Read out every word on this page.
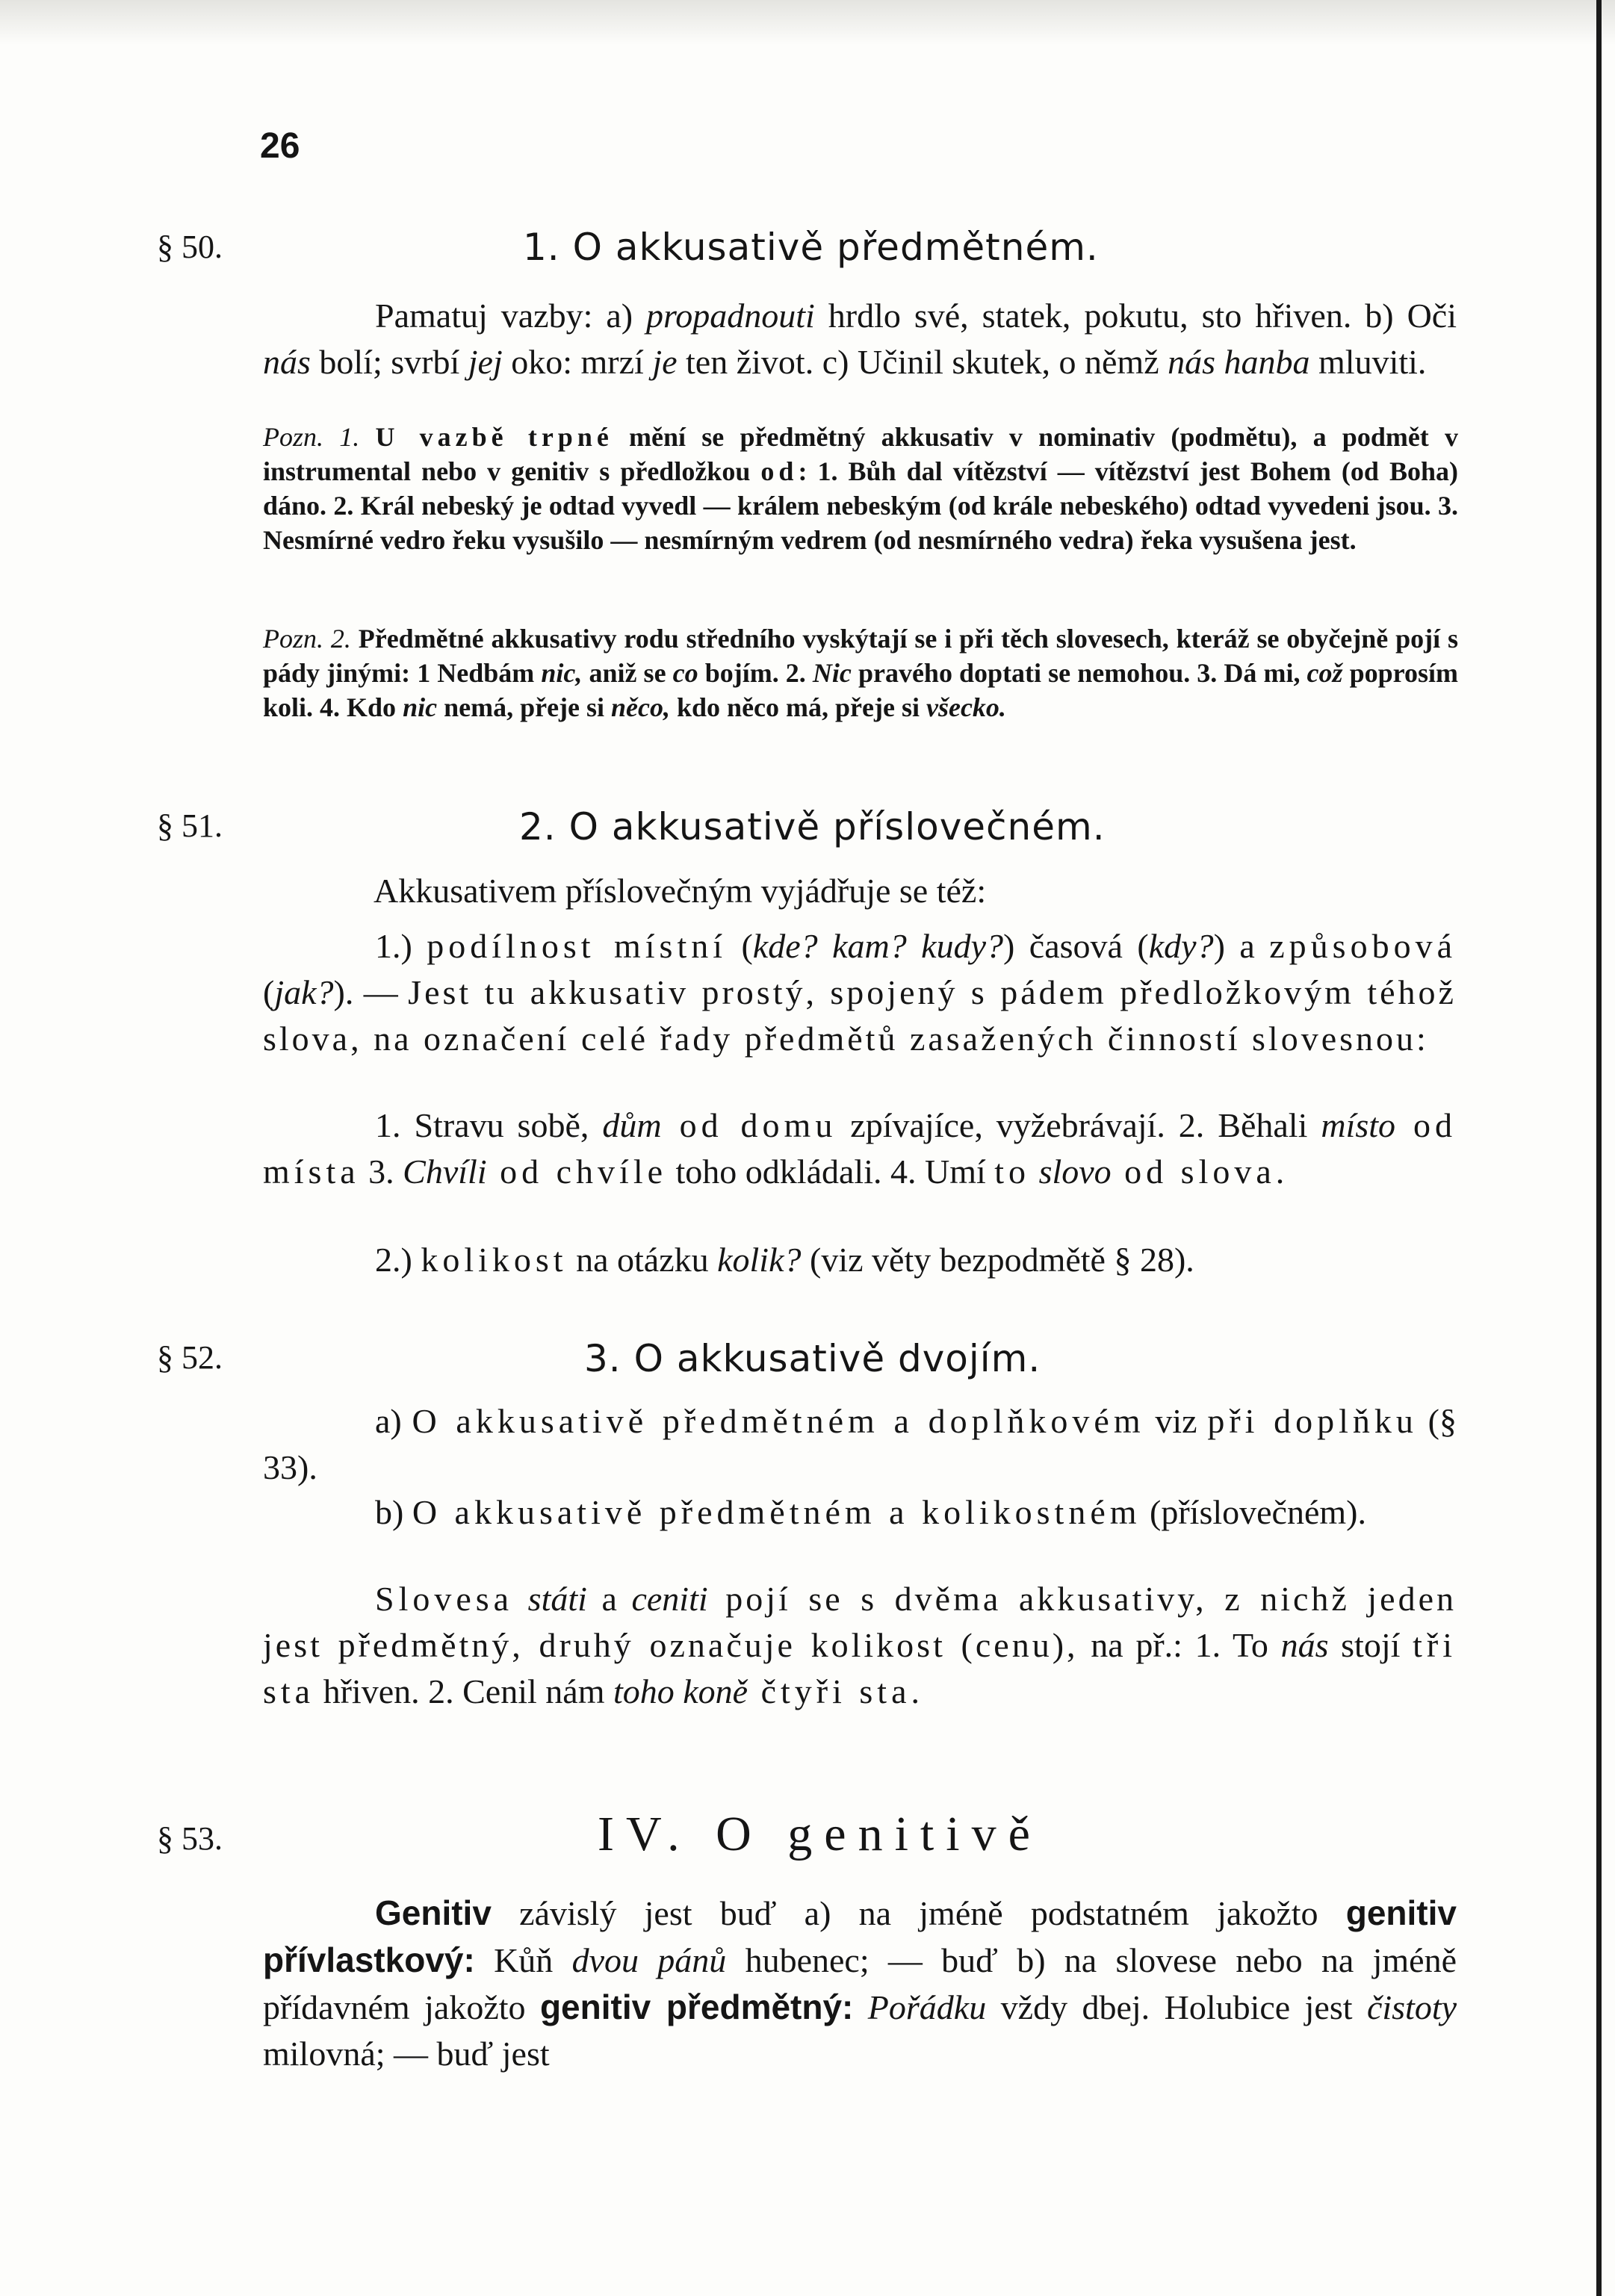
26
§ 50.	1. O akkusativě předmětném.

Pamatuj vazby: a) propadnouti hrdlo své, statek, pokutu, sto hřiven. b) Oči nás bolí; svrbí jej oko: mrzí je ten život. c) Učinil skutek, o němž nás hanba mluviti.

Pozn. 1. U vazbě trpné mění se předmětný akkusativ v nominativ (podmětu), a podmět v instrumental nebo v genitiv s předložkou od: 1. Bůh dal vítězství — vítězství jest Bohem (od Boha) dáno. 2. Král nebeský je odtad vyvedl — králem nebeským (od krále nebeského) odtad vyvedeni jsou. 3. Nesmírné vedro řeku vysušilo — nesmírným vedrem (od nesmírného vedra) řeka vysušena jest.

Pozn. 2. Předmětné akkusativy rodu středního vyskýtají se i při těch slovesech, kteráž se obyčejně pojí s pády jinými: 1 Nedbám nic, aniž se co bojím. 2. Nic pravého doptati se nemohou. 3. Dá mi, což poprosím koli. 4. Kdo nic nemá, přeje si něco, kdo něco má, přeje si všecko.

§ 51.	2. O akkusativě příslovečném.

Akkusativem příslovečným vyjádřuje se též:

1.) podílnost místní (kde? kam? kudy?) časová (kdy?) a způsobová (jak?). — Jest tu akkusativ prostý, spojený s pádem předložkovým téhož slova, na označení celé řady předmětů zasažených činností slovesnou:

1. Stravu sobě, dům od domu zpívajíce, vyžebrávají. 2. Běhali místo od místa 3. Chvíli od chvíle toho odkládali. 4. Umí to slovo od slova.

2.) kolikost na otázku kolik? (viz věty bezpodmětě § 28).

§ 52.	3. O akkusativě dvojím.

a) O akkusativě předmětném a doplňkovém viz při doplňku (§ 33).

b) O akkusativě předmětném a kolikostném (příslovečném).

Slovesa státi a ceniti pojí se s dvěma akkusativy, z nichž jeden jest předmětný, druhý označuje kolikost (cenu), na př.: 1. To nás stojí tři sta hřiven. 2. Cenil nám toho koně čtyři sta.

§ 53.	IV. O genitivě

Genitiv závislý jest buď a) na jméně podstatném jakožto genitiv přívlastkový: Kůň dvou pánů hubenec; — buď b) na slovese nebo na jméně přídavném jakožto genitiv předmětný: Pořádku vždy dbej. Holubice jest čistoty milovná; — buď jest
